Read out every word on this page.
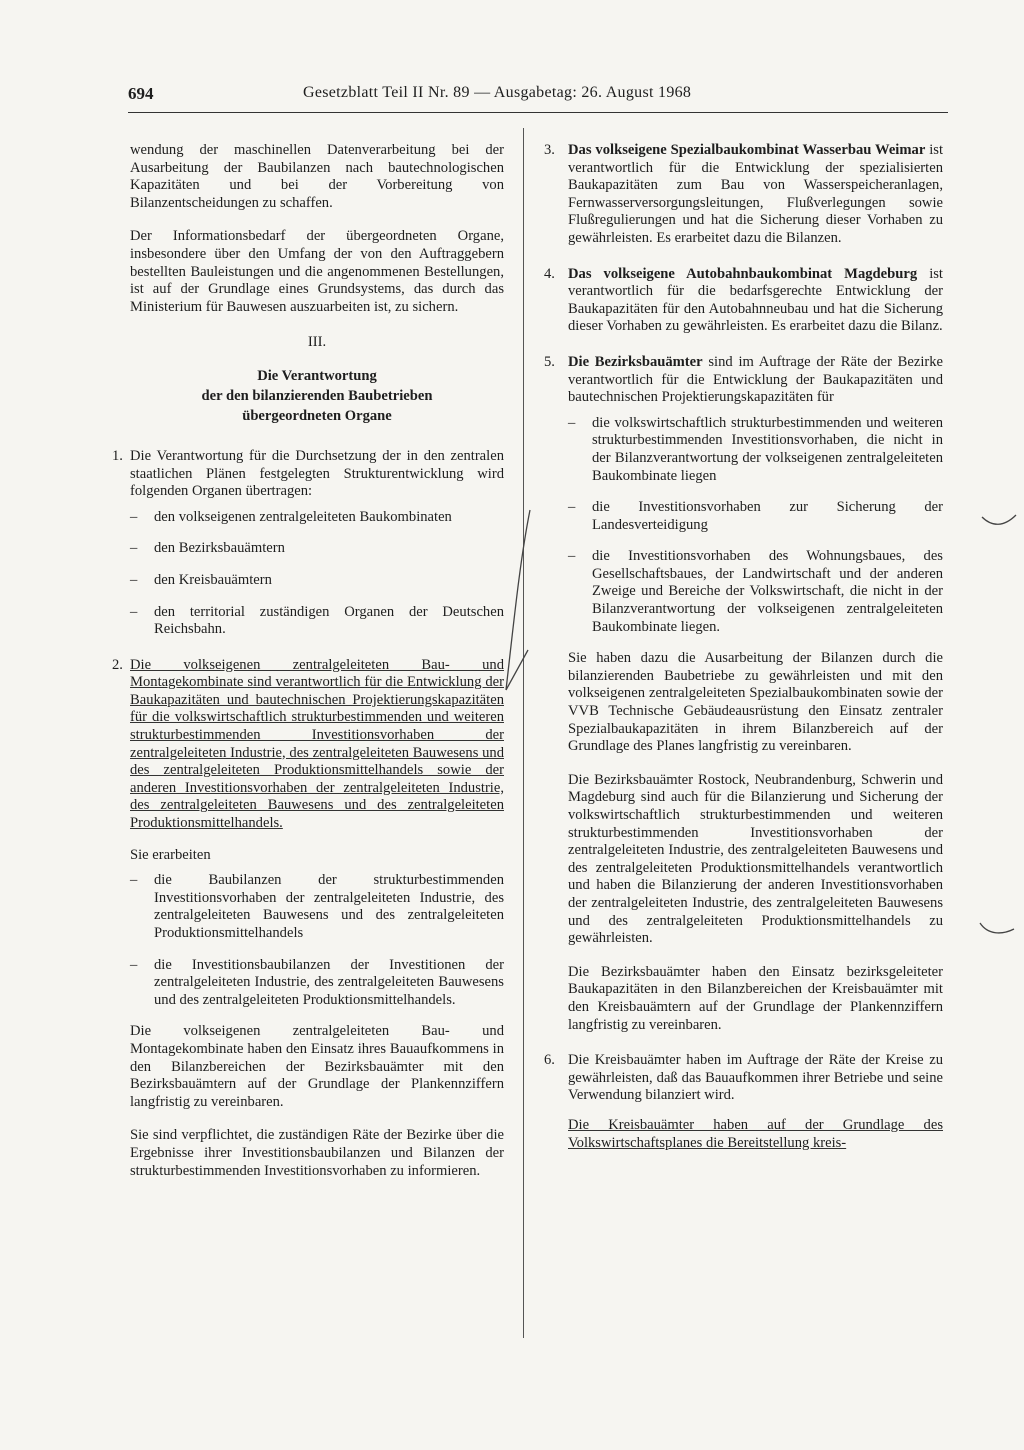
694	Gesetzblatt Teil II Nr. 89 — Ausgabetag: 26. August 1968

wendung der maschinellen Datenverarbeitung bei der Ausarbeitung der Baubilanzen nach bautechnologischen Kapazitäten und bei der Vorbereitung von Bilanzentscheidungen zu schaffen.

Der Informationsbedarf der übergeordneten Organe, insbesondere über den Umfang der von den Auftraggebern bestellten Bauleistungen und die angenommenen Bestellungen, ist auf der Grundlage eines Grundsystems, das durch das Ministerium für Bauwesen auszuarbeiten ist, zu sichern.

III.
Die Verantwortung
der den bilanzierenden Baubetrieben
übergeordneten Organe
1. Die Verantwortung für die Durchsetzung der in den zentralen staatlichen Plänen festgelegten Strukturentwicklung wird folgenden Organen übertragen:
– den volkseigenen zentralgeleiteten Baukombinaten
– den Bezirksbauämtern
– den Kreisbauämtern
– den territorial zuständigen Organen der Deutschen Reichsbahn.
2. Die volkseigenen zentralgeleiteten Bau- und Montagekombinate sind verantwortlich für die Entwicklung der Baukapazitäten und bautechnischen Projektierungskapazitäten für die volkswirtschaftlich strukturbestimmenden und weiteren strukturbestimmenden Investitionsvorhaben der zentralgeleiteten Industrie, des zentralgeleiteten Bauwesens und des zentralgeleiteten Produktionsmittelhandels sowie der anderen Investitionsvorhaben der zentralgeleiteten Industrie, des zentralgeleiteten Bauwesens und des zentralgeleiteten Produktionsmittelhandels.

Sie erarbeiten

– die Baubilanzen der strukturbestimmenden Investitionsvorhaben der zentralgeleiteten Industrie, des zentralgeleiteten Bauwesens und des zentralgeleiteten Produktionsmittelhandels
– die Investitionsbaubilanzen der Investitionen der zentralgeleiteten Industrie, des zentralgeleiteten Bauwesens und des zentralgeleiteten Produktionsmittelhandels.

Die volkseigenen zentralgeleiteten Bau- und Montagekombinate haben den Einsatz ihres Bauaufkommens in den Bilanzbereichen der Bezirksbauämter mit den Bezirksbauämtern auf der Grundlage der Plankennziffern langfristig zu vereinbaren.

Sie sind verpflichtet, die zuständigen Räte der Bezirke über die Ergebnisse ihrer Investitionsbaubilanzen und Bilanzen der strukturbestimmenden Investitionsvorhaben zu informieren.

3. Das volkseigene Spezialbaukombinat Wasserbau Weimar ist verantwortlich für die Entwicklung der spezialisierten Baukapazitäten zum Bau von Wasserspeicheranlagen, Fernwasserversorgungsleitungen, Flußverlegungen sowie Flußregulierungen und hat die Sicherung dieser Vorhaben zu gewährleisten. Es erarbeitet dazu die Bilanzen.
4. Das volkseigene Autobahnbaukombinat Magdeburg ist verantwortlich für die bedarfsgerechte Entwicklung der Baukapazitäten für den Autobahnneubau und hat die Sicherung dieser Vorhaben zu gewährleisten. Es erarbeitet dazu die Bilanz.
5. Die Bezirksbauämter sind im Auftrage der Räte der Bezirke verantwortlich für die Entwicklung der Baukapazitäten und bautechnischen Projektierungskapazitäten für
– die volkswirtschaftlich strukturbestimmenden und weiteren strukturbestimmenden Investitionsvorhaben, die nicht in der Bilanzverantwortung der volkseigenen zentralgeleiteten Baukombinate liegen
– die Investitionsvorhaben zur Sicherung der Landesverteidigung
– die Investitionsvorhaben des Wohnungsbaues, des Gesellschaftsbaues, der Landwirtschaft und der anderen Zweige und Bereiche der Volkswirtschaft, die nicht in der Bilanzverantwortung der volkseigenen zentralgeleiteten Baukombinate liegen.

Sie haben dazu die Ausarbeitung der Bilanzen durch die bilanzierenden Baubetriebe zu gewährleisten und mit den volkseigenen zentralgeleiteten Spezialbaukombinaten sowie der VVB Technische Gebäudeausrüstung den Einsatz zentraler Spezialbaukapazitäten in ihrem Bilanzbereich auf der Grundlage des Planes langfristig zu vereinbaren.

Die Bezirksbauämter Rostock, Neubrandenburg, Schwerin und Magdeburg sind auch für die Bilanzierung und Sicherung der volkswirtschaftlich strukturbestimmenden und weiteren strukturbestimmenden Investitionsvorhaben der zentralgeleiteten Industrie, des zentralgeleiteten Bauwesens und des zentralgeleiteten Produktionsmittelhandels verantwortlich und haben die Bilanzierung der anderen Investitionsvorhaben der zentralgeleiteten Industrie, des zentralgeleiteten Bauwesens und des zentralgeleiteten Produktionsmittelhandels zu gewährleisten.

Die Bezirksbauämter haben den Einsatz bezirksgeleiteter Baukapazitäten in den Bilanzbereichen der Kreisbauämter mit den Kreisbauämtern auf der Grundlage der Plankennziffern langfristig zu vereinbaren.

6. Die Kreisbauämter haben im Auftrage der Räte der Kreise zu gewährleisten, daß das Bauaufkommen ihrer Betriebe und seine Verwendung bilanziert wird.

Die Kreisbauämter haben auf der Grundlage des Volkswirtschaftsplanes die Bereitstellung kreis-
